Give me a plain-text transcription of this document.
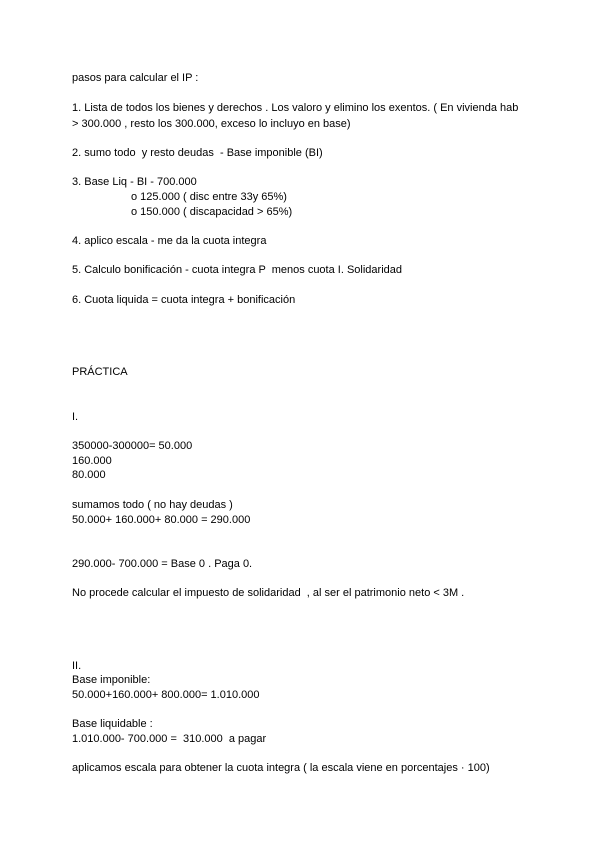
pasos para calcular el IP :
1. Lista de todos los bienes y derechos . Los valoro y elimino los exentos. ( En vivienda hab
> 300.000 , resto los 300.000, exceso lo incluyo en base)
2. sumo todo  y resto deudas  - Base imponible (BI)
3. Base Liq - BI - 700.000
o 125.000 ( disc entre 33y 65%)
o 150.000 ( discapacidad > 65%)
4. aplico escala - me da la cuota integra
5. Calculo bonificación - cuota integra P  menos cuota I. Solidaridad
6. Cuota liquida = cuota integra + bonificación
PRÁCTICA
I.
350000-300000= 50.000
160.000
80.000
sumamos todo ( no hay deudas )
50.000+ 160.000+ 80.000 = 290.000
290.000- 700.000 = Base 0 . Paga 0.
No procede calcular el impuesto de solidaridad  , al ser el patrimonio neto < 3M .
II.
Base imponible:
50.000+160.000+ 800.000= 1.010.000
Base liquidable :
1.010.000- 700.000 =  310.000  a pagar
aplicamos escala para obtener la cuota integra ( la escala viene en porcentajes · 100)
